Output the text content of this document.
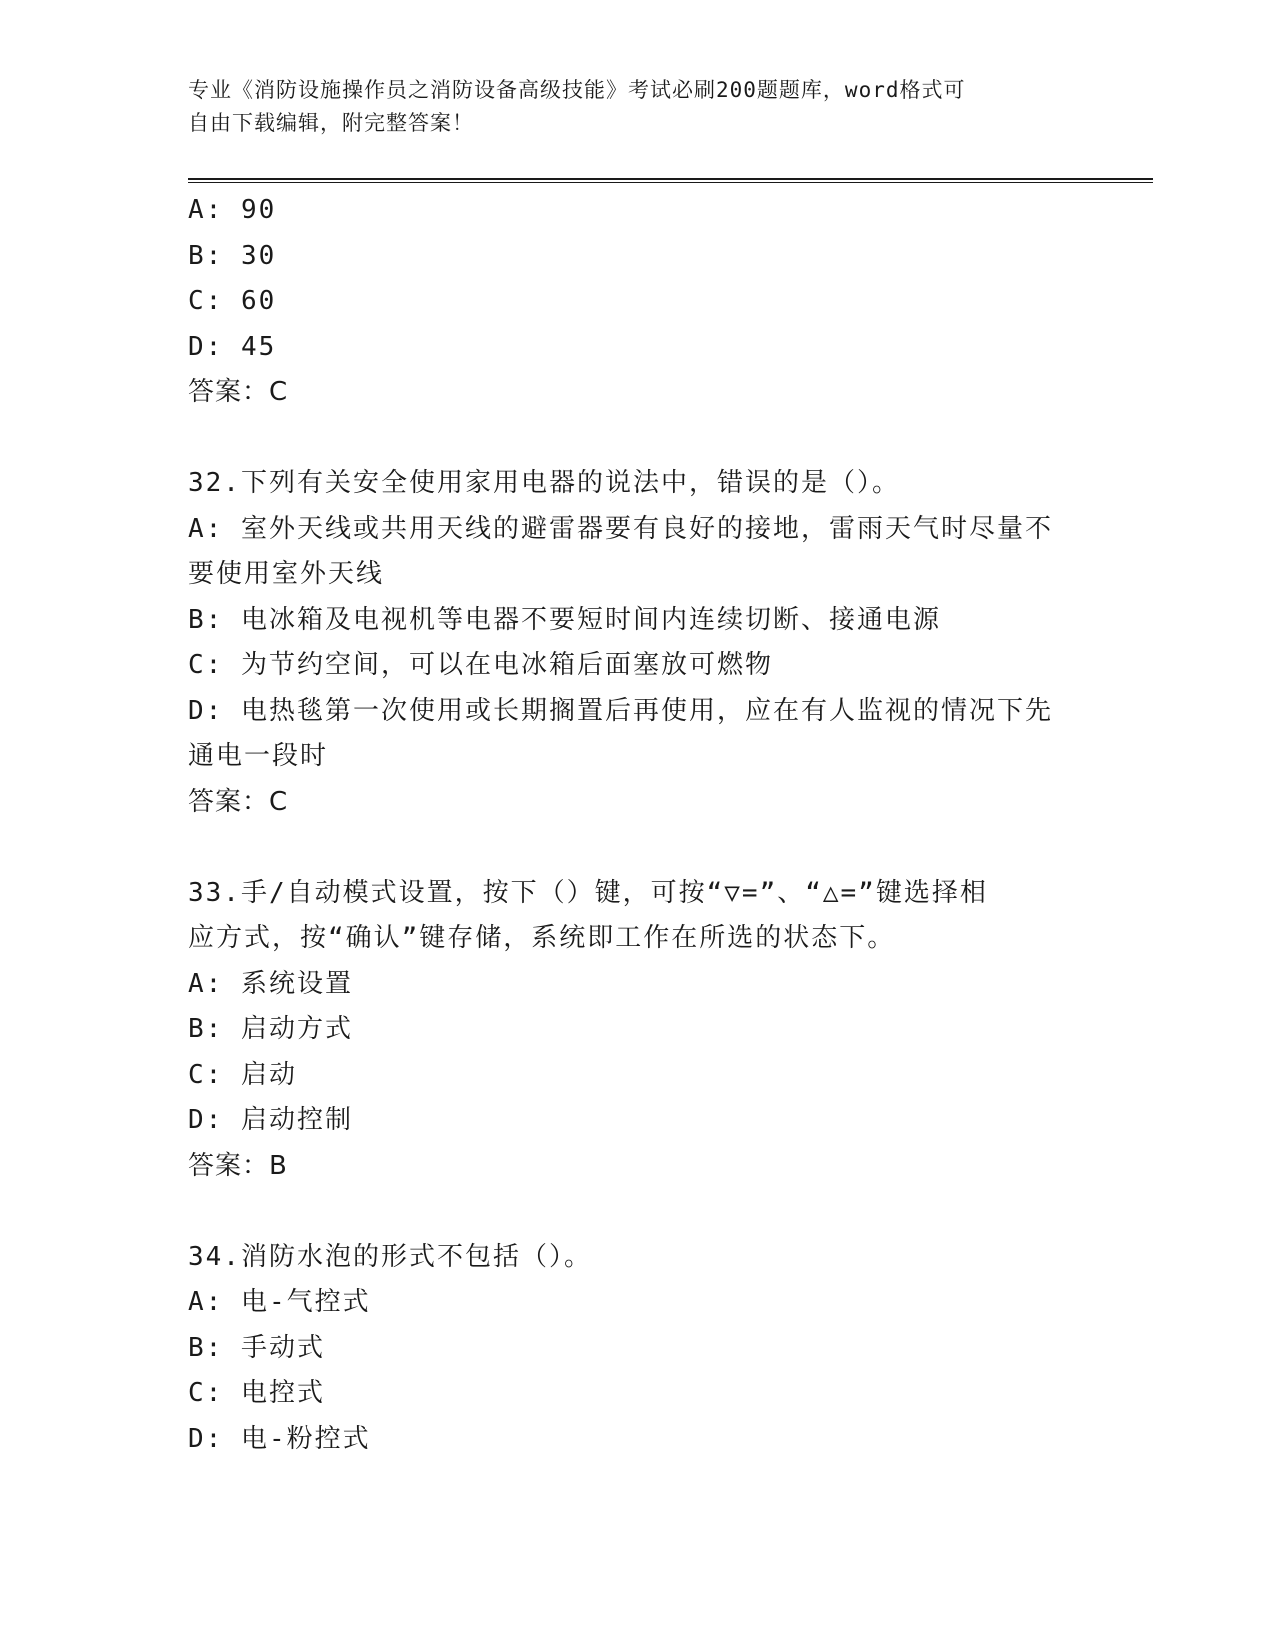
专业《消防设施操作员之消防设备高级技能》考试必刷200题题库，word格式可
自由下载编辑，附完整答案！
A: 90
B: 30
C: 60
D: 45
答案：C
32.下列有关安全使用家用电器的说法中，错误的是（）。
A: 室外天线或共用天线的避雷器要有良好的接地，雷雨天气时尽量不
要使用室外天线
B: 电冰箱及电视机等电器不要短时间内连续切断、接通电源
C: 为节约空间，可以在电冰箱后面塞放可燃物
D: 电热毯第一次使用或长期搁置后再使用，应在有人监视的情况下先
通电一段时
答案：C
33.手/自动模式设置，按下（）键，可按“▽=”、“△=”键选择相
应方式，按“确认”键存储，系统即工作在所选的状态下。
A: 系统设置
B: 启动方式
C: 启动
D: 启动控制
答案：B
34.消防水泡的形式不包括（）。
A: 电-气控式
B: 手动式
C: 电控式
D: 电-粉控式
